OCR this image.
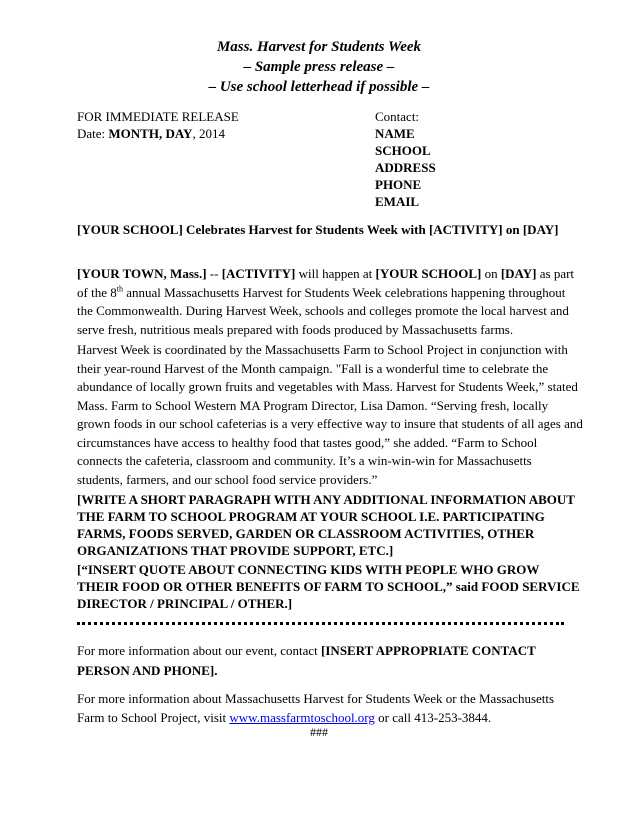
Mass. Harvest for Students Week
– Sample press release –
– Use school letterhead if possible –
FOR IMMEDIATE RELEASE
Date: MONTH, DAY, 2014
Contact:
NAME
SCHOOL
ADDRESS
PHONE
EMAIL
[YOUR SCHOOL] Celebrates Harvest for Students Week with [ACTIVITY] on [DAY]
[YOUR TOWN, Mass.] -- [ACTIVITY] will happen at [YOUR SCHOOL] on [DAY] as part
of the 8th annual Massachusetts Harvest for Students Week celebrations happening throughout
the Commonwealth. During Harvest Week, schools and colleges promote the local harvest and
serve fresh, nutritious meals prepared with foods produced by Massachusetts farms.
Harvest Week is coordinated by the Massachusetts Farm to School Project in conjunction with
their year-round Harvest of the Month campaign. "Fall is a wonderful time to celebrate the
abundance of locally grown fruits and vegetables with Mass. Harvest for Students Week,” stated
Mass. Farm to School Western MA Program Director, Lisa Damon. “Serving fresh, locally
grown foods in our school cafeterias is a very effective way to insure that students of all ages and
circumstances have access to healthy food that tastes good,” she added. “Farm to School
connects the cafeteria, classroom and community. It’s a win-win-win for Massachusetts
students, farmers, and our school food service providers.”
[WRITE A SHORT PARAGRAPH WITH ANY ADDITIONAL INFORMATION ABOUT
THE FARM TO SCHOOL PROGRAM AT YOUR SCHOOL I.E. PARTICIPATING
FARMS, FOODS SERVED, GARDEN OR CLASSROOM ACTIVITIES, OTHER
ORGANIZATIONS THAT PROVIDE SUPPORT, ETC.]
[“INSERT QUOTE ABOUT CONNECTING KIDS WITH PEOPLE WHO GROW
THEIR FOOD OR OTHER BENEFITS OF FARM TO SCHOOL,” said FOOD SERVICE
DIRECTOR / PRINCIPAL / OTHER.]
For more information about our event, contact [INSERT APPROPRIATE CONTACT
PERSON AND PHONE].
For more information about Massachusetts Harvest for Students Week or the Massachusetts
Farm to School Project, visit www.massfarmtoschool.org or call 413-253-3844.
###
